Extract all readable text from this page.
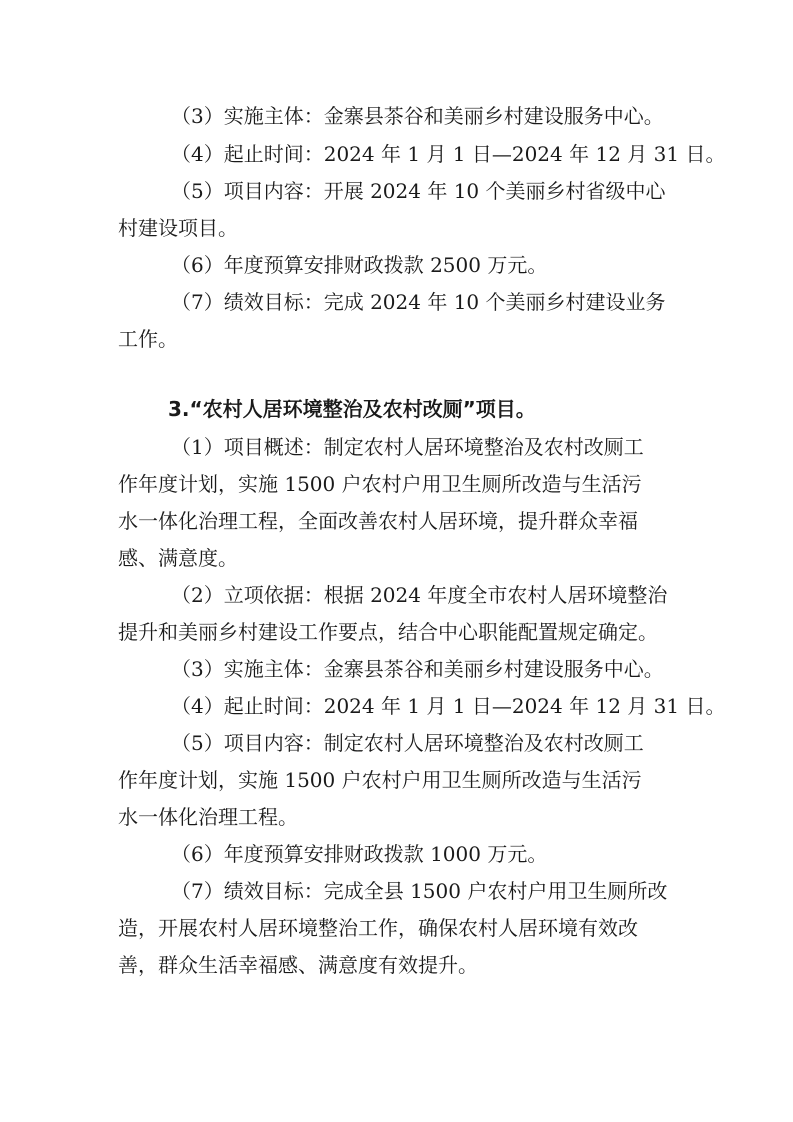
（3）实施主体：金寨县茶谷和美丽乡村建设服务中心。
（4）起止时间：2024 年 1 月 1 日—2024 年 12 月 31 日。
（5）项目内容：开展 2024 年 10 个美丽乡村省级中心
村建设项目。
（6）年度预算安排财政拨款 2500 万元。
（7）绩效目标：完成 2024 年 10 个美丽乡村建设业务
工作。
3.“农村人居环境整治及农村改厕”项目。
（1）项目概述：制定农村人居环境整治及农村改厕工
作年度计划，实施 1500 户农村户用卫生厕所改造与生活污
水一体化治理工程，全面改善农村人居环境，提升群众幸福
感、满意度。
（2）立项依据：根据 2024 年度全市农村人居环境整治
提升和美丽乡村建设工作要点，结合中心职能配置规定确定。
（3）实施主体：金寨县茶谷和美丽乡村建设服务中心。
（4）起止时间：2024 年 1 月 1 日—2024 年 12 月 31 日。
（5）项目内容：制定农村人居环境整治及农村改厕工
作年度计划，实施 1500 户农村户用卫生厕所改造与生活污
水一体化治理工程。
（6）年度预算安排财政拨款 1000 万元。
（7）绩效目标：完成全县 1500 户农村户用卫生厕所改
造，开展农村人居环境整治工作，确保农村人居环境有效改
善，群众生活幸福感、满意度有效提升。
